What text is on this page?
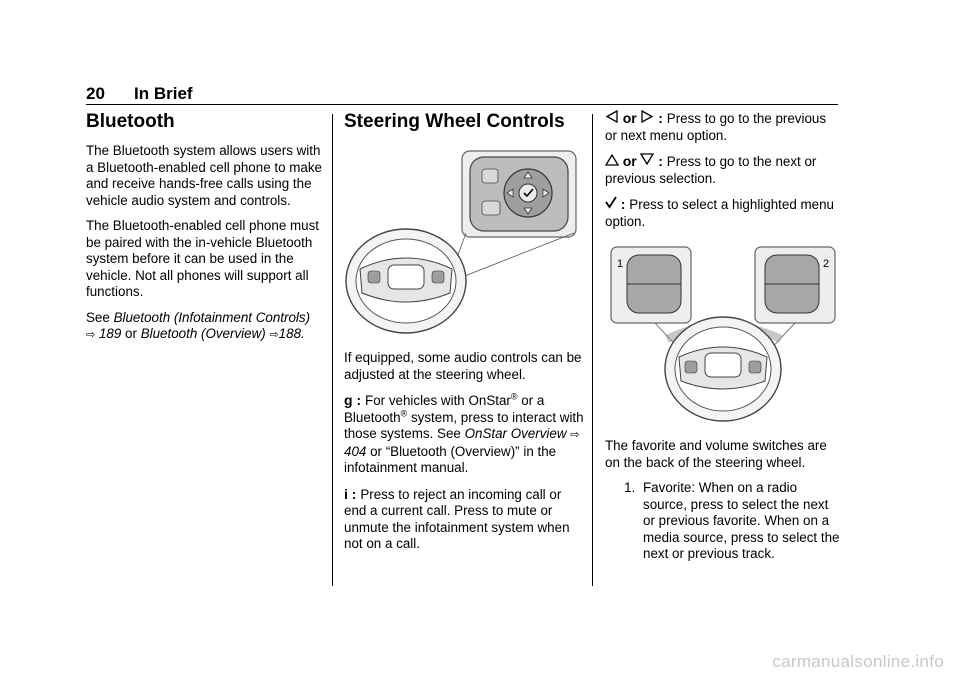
20 In Brief
Bluetooth

The Bluetooth system allows users with a Bluetooth-enabled cell phone to make and receive hands-free calls using the vehicle audio system and controls.

The Bluetooth-enabled cell phone must be paired with the in-vehicle Bluetooth system before it can be used in the vehicle. Not all phones will support all functions.

See Bluetooth (Infotainment Controls) ⇨ 189 or Bluetooth (Overview) ⇨188.

Steering Wheel Controls

If equipped, some audio controls can be adjusted at the steering wheel.

g : For vehicles with OnStar® or a Bluetooth® system, press to interact with those systems. See OnStar Overview ⇨ 404 or “Bluetooth (Overview)” in the infotainment manual.

i : Press to reject an incoming call or end a current call. Press to mute or unmute the infotainment system when not on a call.

or  : Press to go to the previous or next menu option.

or  : Press to go to the next or previous selection.

: Press to select a highlighted menu option.

1	2

The favorite and volume switches are on the back of the steering wheel.

1. Favorite: When on a radio source, press to select the next or previous favorite. When on a media source, press to select the next or previous track.
carmanualsonline.info
